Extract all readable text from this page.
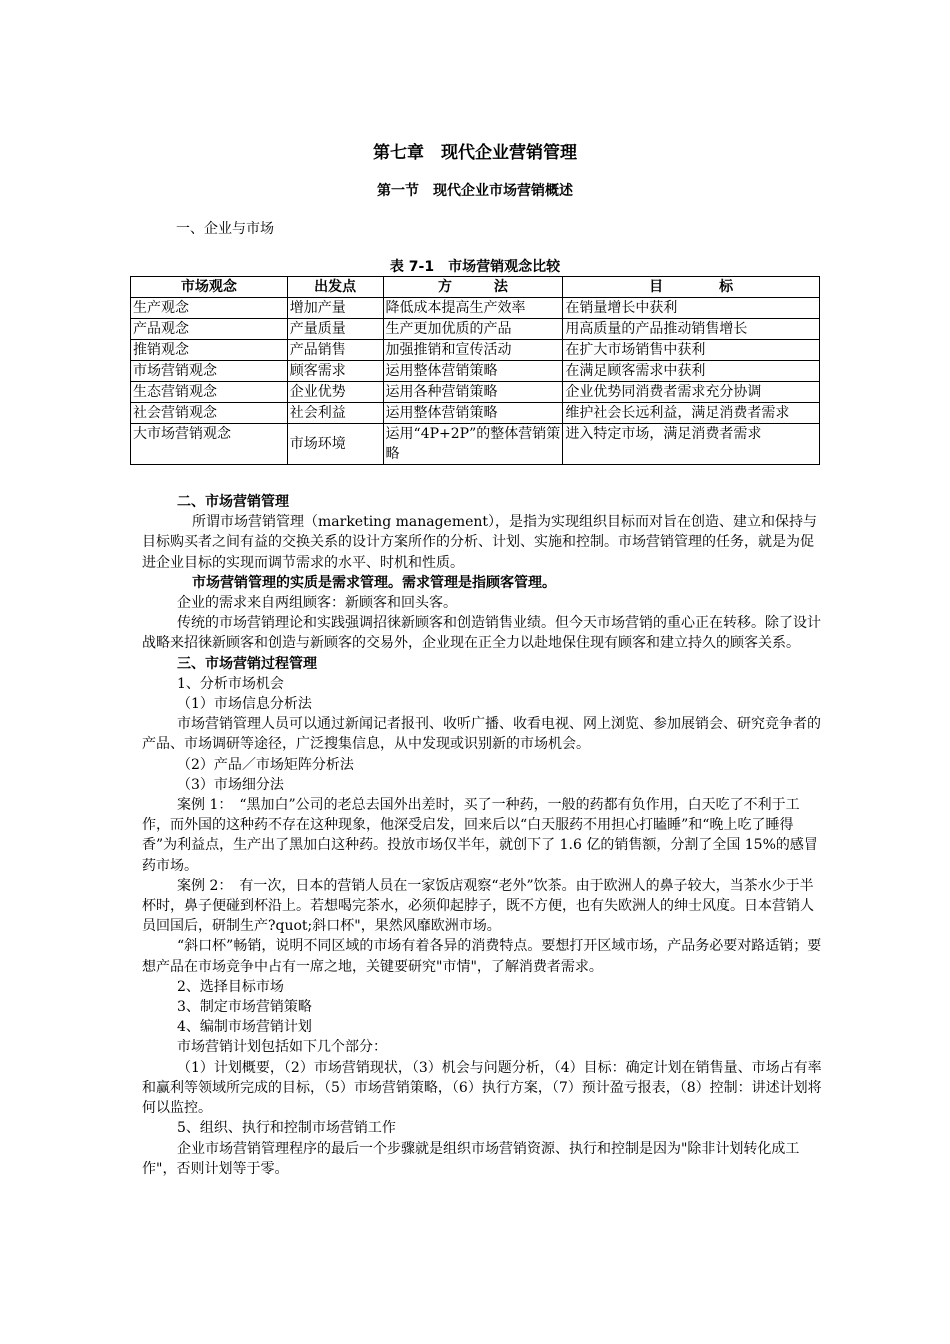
第七章　现代企业营销管理
第一节　现代企业市场营销概述
一、企业与市场
表 7-1　市场营销观念比较
市场观念	出发点	方　　　法	目　　　　标
生产观念	增加产量	降低成本提高生产效率	在销量增长中获利
产品观念	产量质量	生产更加优质的产品	用高质量的产品推动销售增长
推销观念	产品销售	加强推销和宣传活动	在扩大市场销售中获利
市场营销观念	顾客需求	运用整体营销策略	在满足顾客需求中获利
生态营销观念	企业优势	运用各种营销策略	企业优势同消费者需求充分协调
社会营销观念	社会利益	运用整体营销策略	维护社会长远利益，满足消费者需求
大市场营销观念	市场环境	运用“4P+2P”的整体营销策略	进入特定市场，满足消费者需求

二、市场营销管理

所谓市场营销管理（marketing management），是指为实现组织目标而对旨在创造、建立和保持与目标购买者之间有益的交换关系的设计方案所作的分析、计划、实施和控制。市场营销管理的任务，就是为促进企业目标的实现而调节需求的水平、时机和性质。

市场营销管理的实质是需求管理。需求管理是指顾客管理。

企业的需求来自两组顾客：新顾客和回头客。

传统的市场营销理论和实践强调招徕新顾客和创造销售业绩。但今天市场营销的重心正在转移。除了设计战略来招徕新顾客和创造与新顾客的交易外，企业现在正全力以赴地保住现有顾客和建立持久的顾客关系。

三、市场营销过程管理

1、分析市场机会

（1）市场信息分析法

市场营销管理人员可以通过新闻记者报刊、收听广播、收看电视、网上浏览、参加展销会、研究竞争者的产品、市场调研等途径，广泛搜集信息，从中发现或识别新的市场机会。

（2）产品／市场矩阵分析法

（3）市场细分法

案例 1：　“黑加白”公司的老总去国外出差时，买了一种药，一般的药都有负作用，白天吃了不利于工作，而外国的这种药不存在这种现象，他深受启发，回来后以“白天服药不用担心打瞌睡”和“晚上吃了睡得香”为利益点，生产出了黑加白这种药。投放市场仅半年，就创下了 1.6 亿的销售额，分割了全国 15%的感冒药市场。

案例 2：　有一次，日本的营销人员在一家饭店观察“老外”饮茶。由于欧洲人的鼻子较大，当茶水少于半杯时，鼻子便碰到杯沿上。若想喝完茶水，必须仰起脖子，既不方便，也有失欧洲人的绅士风度。日本营销人员回国后，研制生产?quot;斜口杯"，果然风靡欧洲市场。

“斜口杯”畅销，说明不同区域的市场有着各异的消费特点。要想打开区域市场，产品务必要对路适销；要想产品在市场竞争中占有一席之地，关键要研究"市情"，了解消费者需求。

2、选择目标市场

3、制定市场营销策略

4、编制市场营销计划

市场营销计划包括如下几个部分：

（1）计划概要，（2）市场营销现状，（3）机会与问题分析，（4）目标：确定计划在销售量、市场占有率和赢利等领域所完成的目标，（5）市场营销策略，（6）执行方案，（7）预计盈亏报表，（8）控制：讲述计划将何以监控。

5、组织、执行和控制市场营销工作

企业市场营销管理程序的最后一个步骤就是组织市场营销资源、执行和控制是因为"除非计划转化成工作"，否则计划等于零。
